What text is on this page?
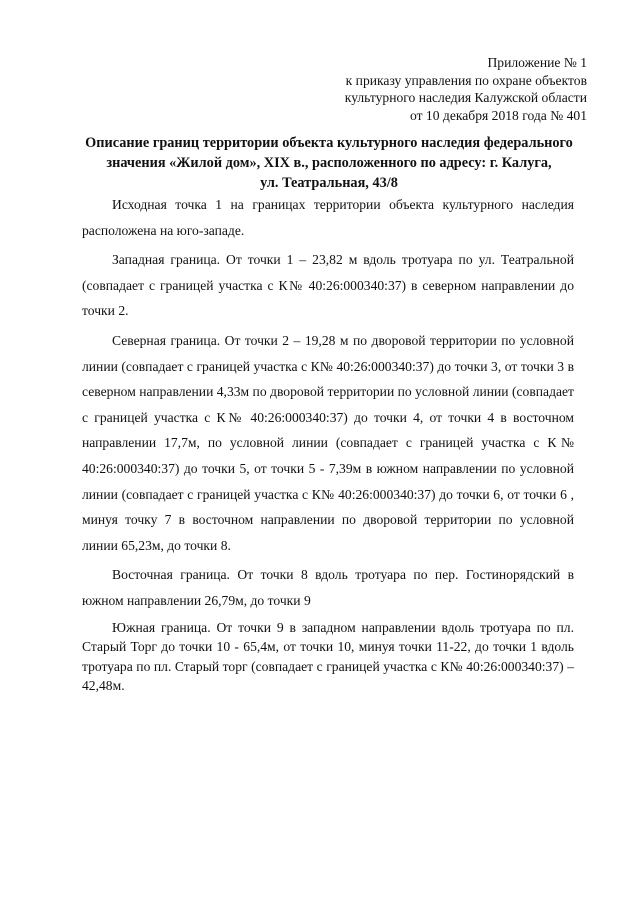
Приложение № 1
к приказу управления по охране объектов
культурного наследия Калужской области
от 10 декабря 2018 года № 401
Описание границ территории объекта культурного наследия федерального
значения «Жилой дом», XIX в., расположенного по адресу: г. Калуга,
ул. Театральная, 43/8

Исходная точка 1 на границах территории объекта культурного наследия расположена на юго-западе.

Западная граница. От точки 1 – 23,82 м вдоль тротуара по ул. Театральной (совпадает с границей участка с К№ 40:26:000340:37) в северном направлении до точки 2.

Северная граница. От точки 2 – 19,28 м по дворовой территории по условной линии (совпадает с границей участка с К№ 40:26:000340:37) до точки 3, от точки 3 в северном направлении 4,33м по дворовой территории по условной линии (совпадает с границей участка с К№ 40:26:000340:37) до точки 4, от точки 4 в восточном направлении 17,7м, по условной линии (совпадает с границей участка с К№ 40:26:000340:37) до точки 5, от точки 5 - 7,39м в южном направлении по условной линии (совпадает с границей участка с К№ 40:26:000340:37) до точки 6, от точки 6 , минуя точку 7 в восточном направлении по дворовой территории по условной линии 65,23м, до точки 8.

Восточная граница. От точки 8 вдоль тротуара по пер. Гостинорядский в южном направлении 26,79м, до точки 9

Южная граница. От точки 9 в западном направлении вдоль тротуара по пл. Старый Торг до точки 10 - 65,4м, от точки 10, минуя точки 11-22, до точки 1 вдоль тротуара по пл. Старый торг (совпадает с границей участка с К№ 40:26:000340:37) – 42,48м.
